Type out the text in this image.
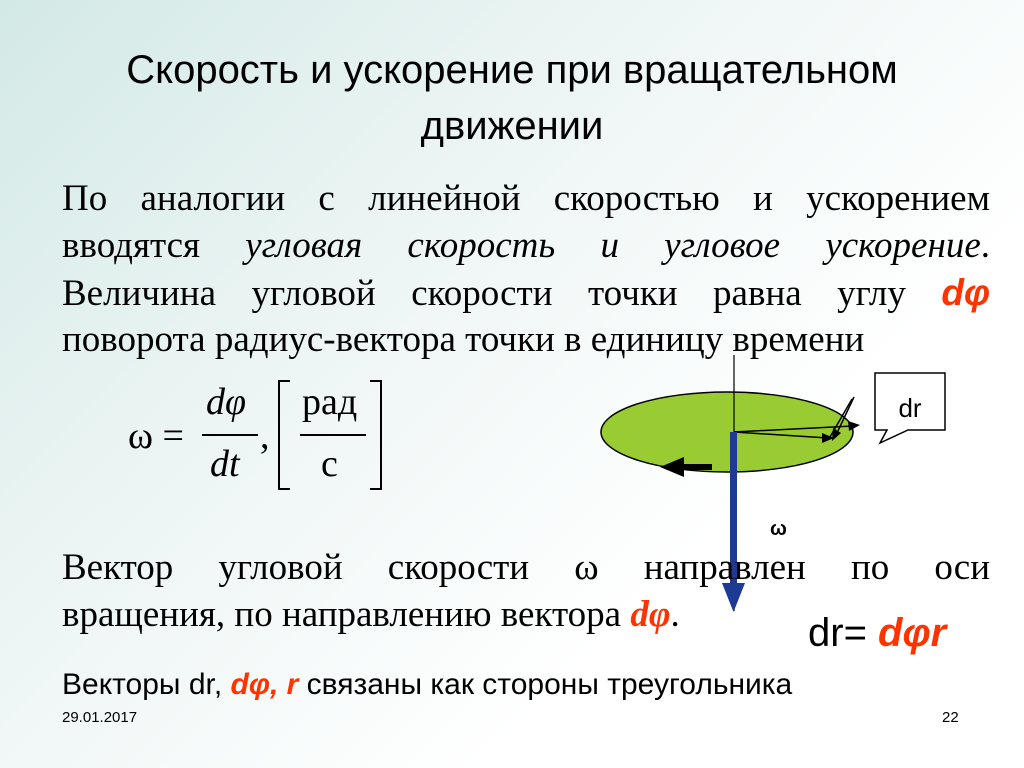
Скорость и ускорение при вращательном движении
По аналогии с линейной скоростью и ускорением
вводятся угловая скорость и угловое ускорение.
Величина угловой скорости точки равна углу dφ
поворота радиус-вектора точки в единицу времени
ω =
dφ
dt
,
рад
с
dr
ω
Вектор угловой скорости ω направлен по оси
вращения, по направлению вектора dφ.	dr= dφr
Векторы dr, dφ, r связаны как стороны треугольника
29.01.2017	22
